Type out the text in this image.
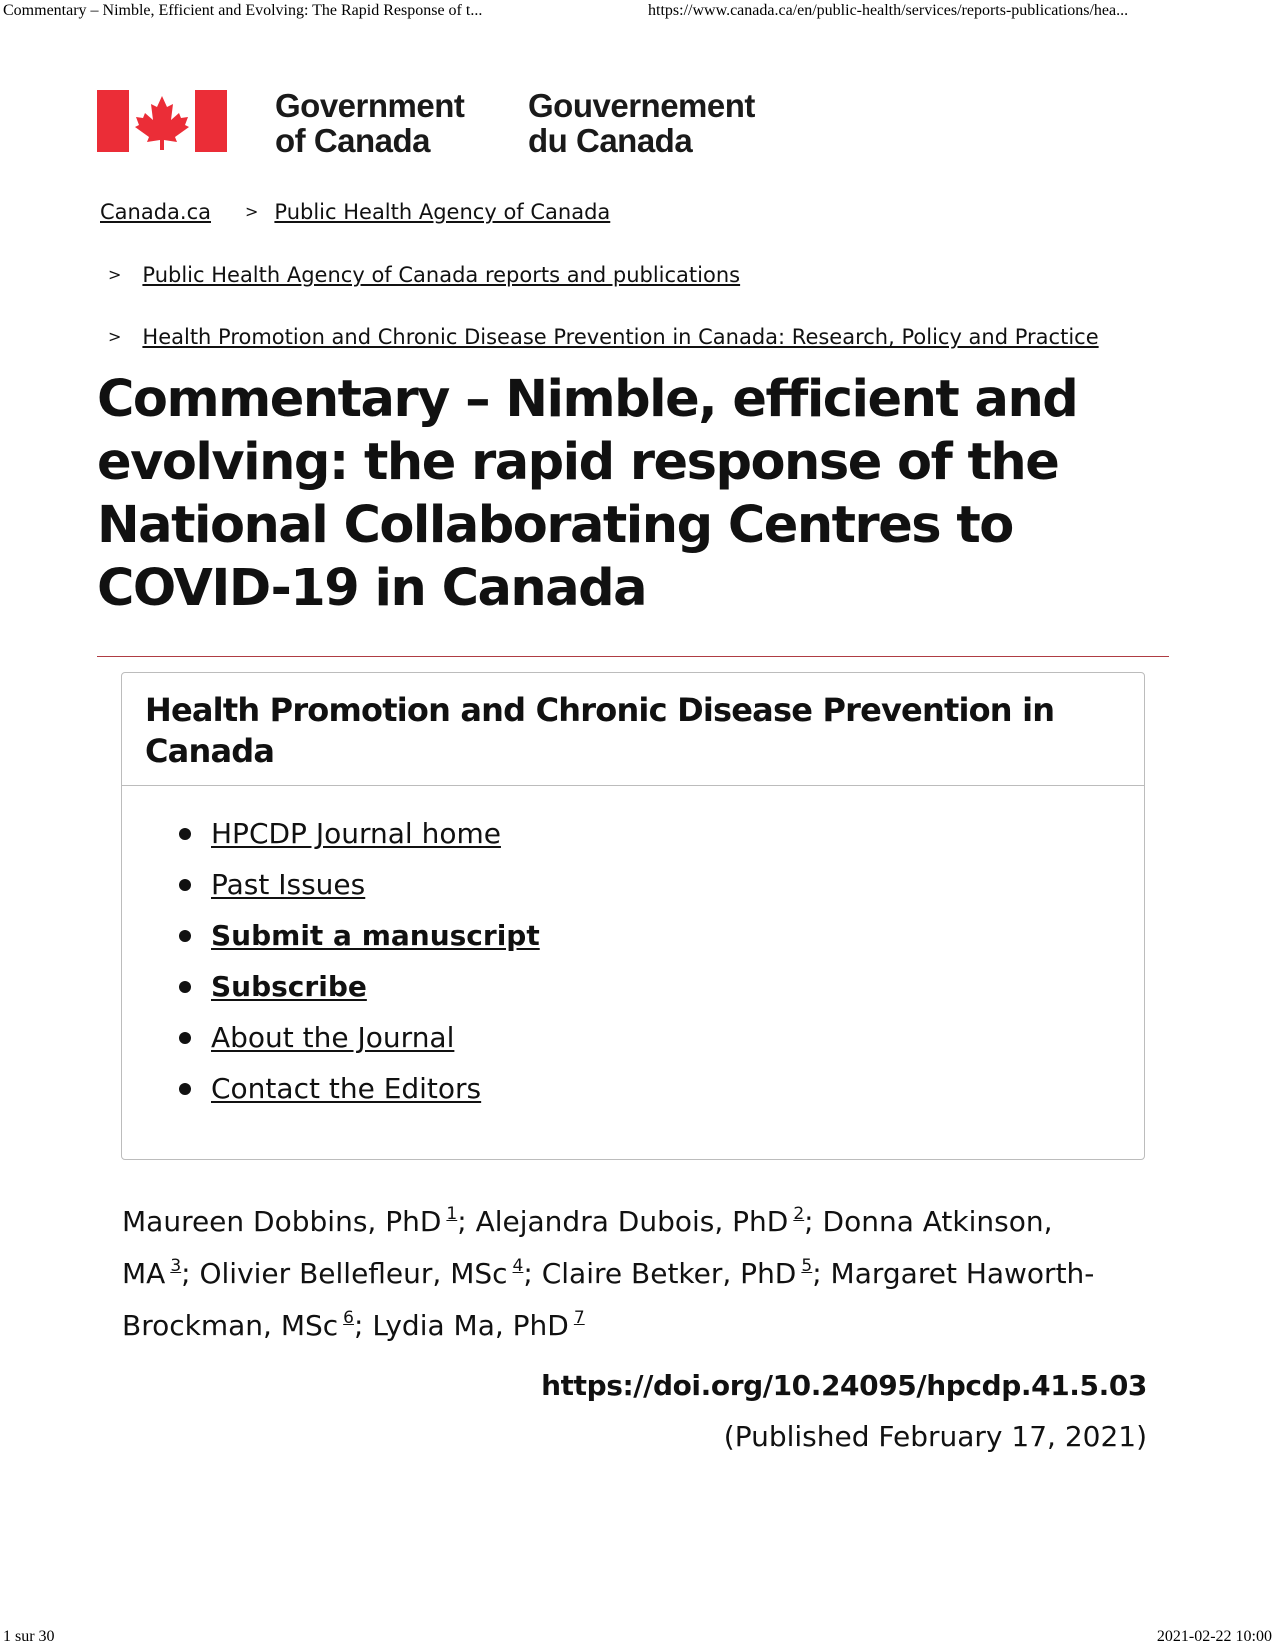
Commentary – Nimble, Efficient and Evolving: The Rapid Response of t...	https://www.canada.ca/en/public-health/services/reports-publications/hea...
Government
of Canada
Gouvernement
du Canada
Canada.ca > Public Health Agency of Canada
> Public Health Agency of Canada reports and publications
> Health Promotion and Chronic Disease Prevention in Canada: Research, Policy and Practice
Commentary – Nimble, efficient and evolving: the rapid response of the National Collaborating Centres to COVID-19 in Canada
Health Promotion and Chronic Disease Prevention in Canada
HPCDP Journal home
Past Issues
Submit a manuscript
Subscribe
About the Journal
Contact the Editors
Maureen Dobbins, PhD $^1$; Alejandra Dubois, PhD $^2$; Donna Atkinson,
MA $^3$; Olivier Bellefleur, MSc $^4$; Claire Betker, PhD $^5$; Margaret Haworth-
Brockman, MSc $^6$; Lydia Ma, PhD $^7$
https://doi.org/10.24095/hpcdp.41.5.03
(Published February 17, 2021)
1 sur 30	2021-02-22 10:00
